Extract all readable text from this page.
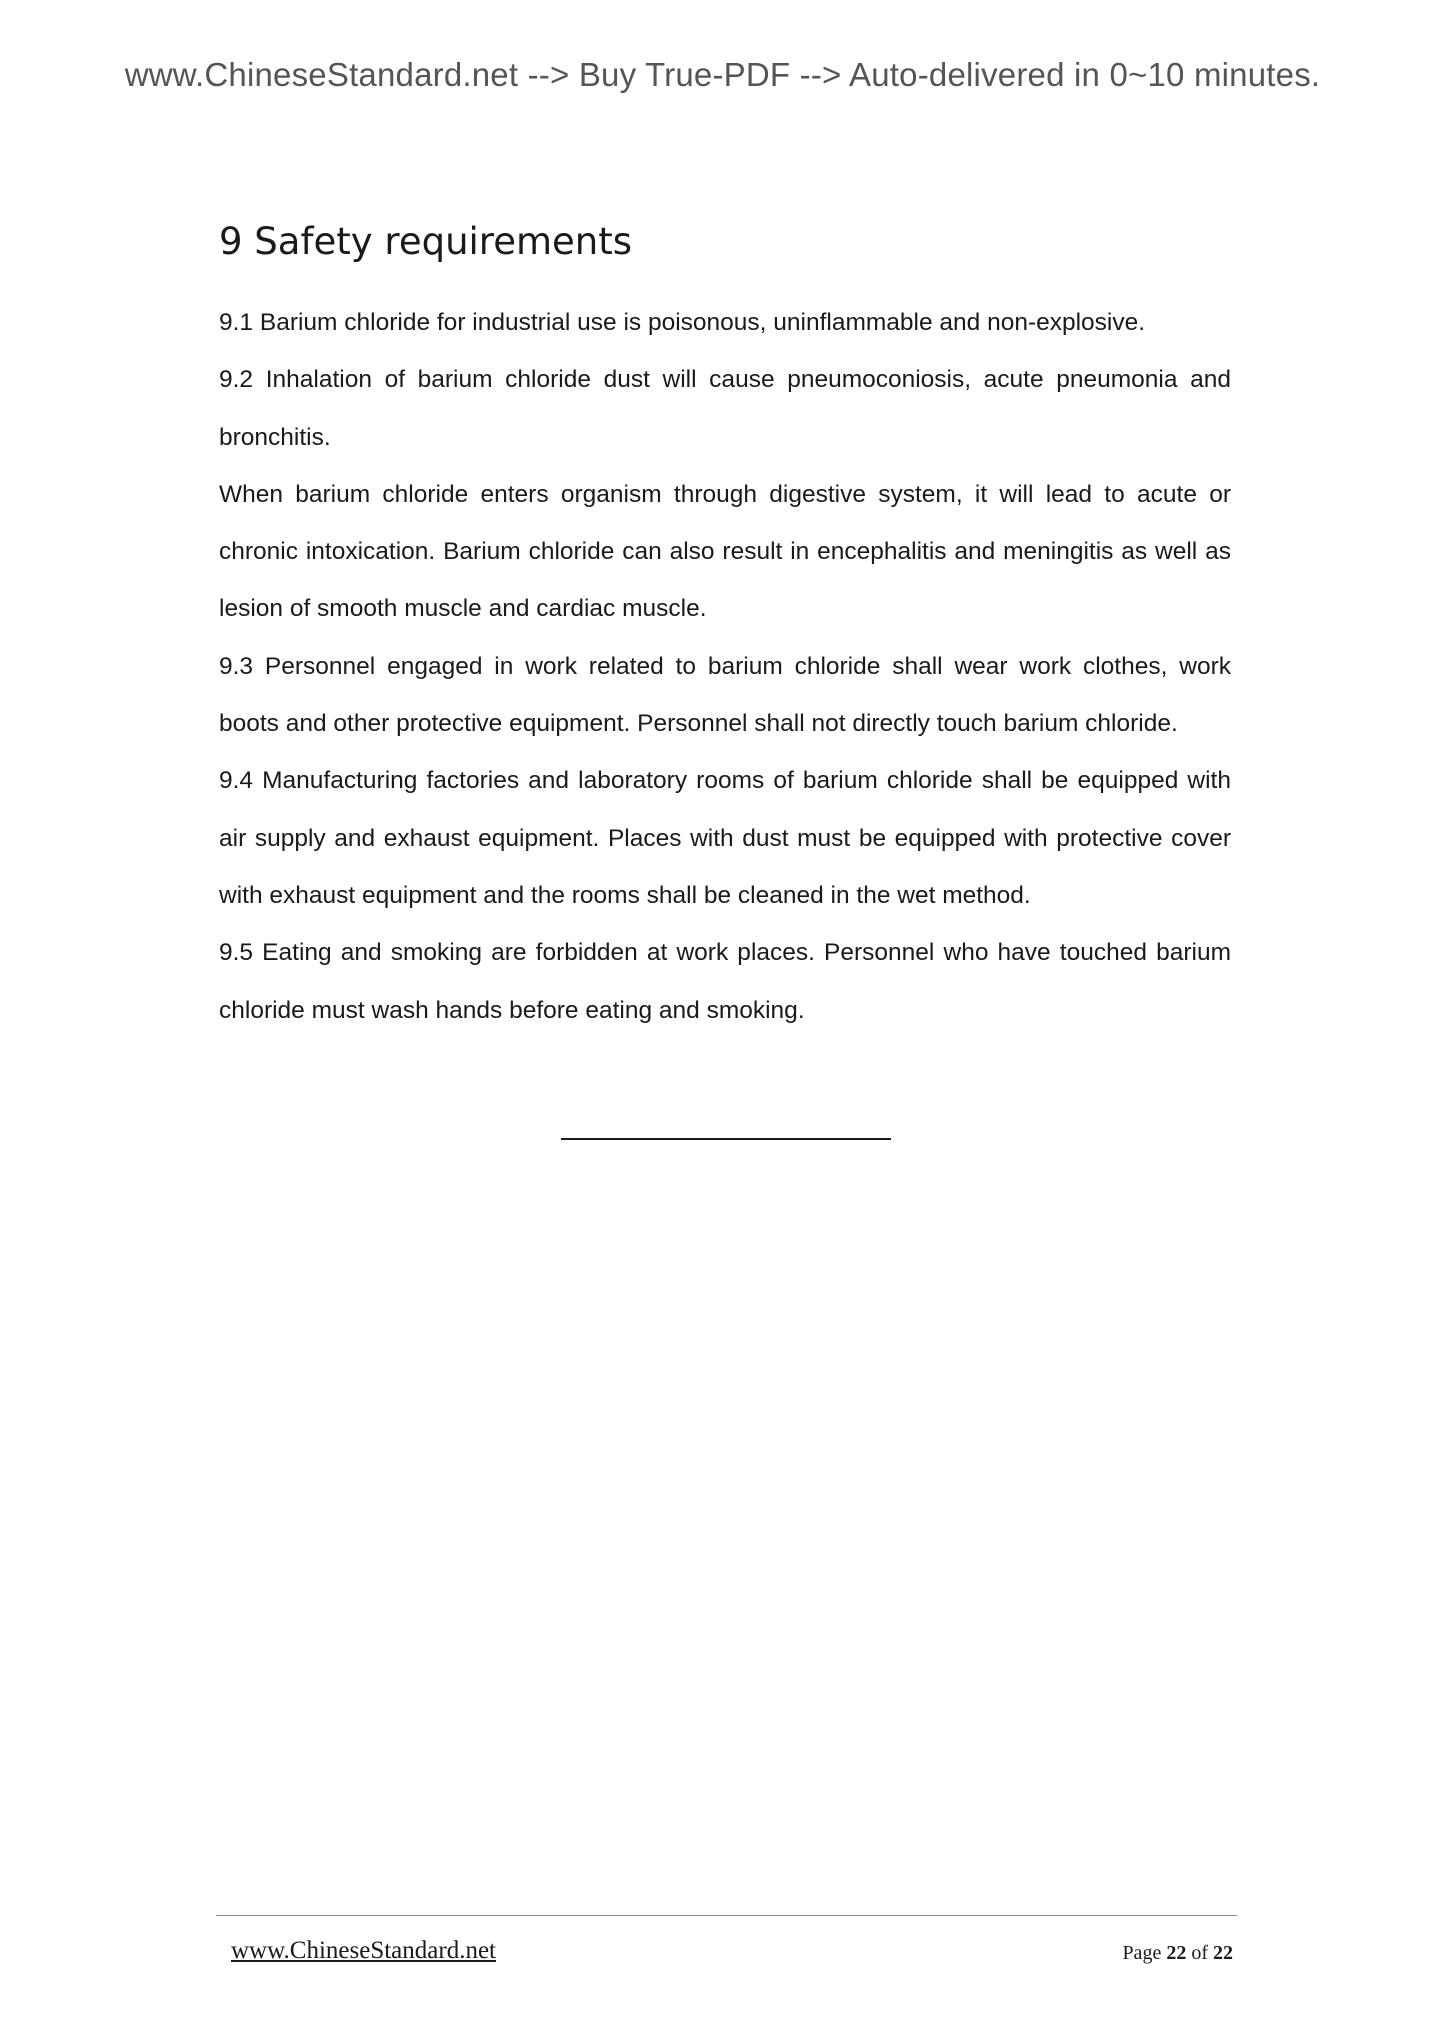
www.ChineseStandard.net --> Buy True-PDF --> Auto-delivered in 0~10 minutes.
9 Safety requirements

9.1 Barium chloride for industrial use is poisonous, uninflammable and non-explosive.

9.2 Inhalation of barium chloride dust will cause pneumoconiosis, acute pneumonia and bronchitis.

When barium chloride enters organism through digestive system, it will lead to acute or chronic intoxication. Barium chloride can also result in encephalitis and meningitis as well as lesion of smooth muscle and cardiac muscle.

9.3 Personnel engaged in work related to barium chloride shall wear work clothes, work boots and other protective equipment. Personnel shall not directly touch barium chloride.

9.4 Manufacturing factories and laboratory rooms of barium chloride shall be equipped with air supply and exhaust equipment. Places with dust must be equipped with protective cover with exhaust equipment and the rooms shall be cleaned in the wet method.

9.5 Eating and smoking are forbidden at work places. Personnel who have touched barium chloride must wash hands before eating and smoking.

www.ChineseStandard.net	Page 22 of 22
